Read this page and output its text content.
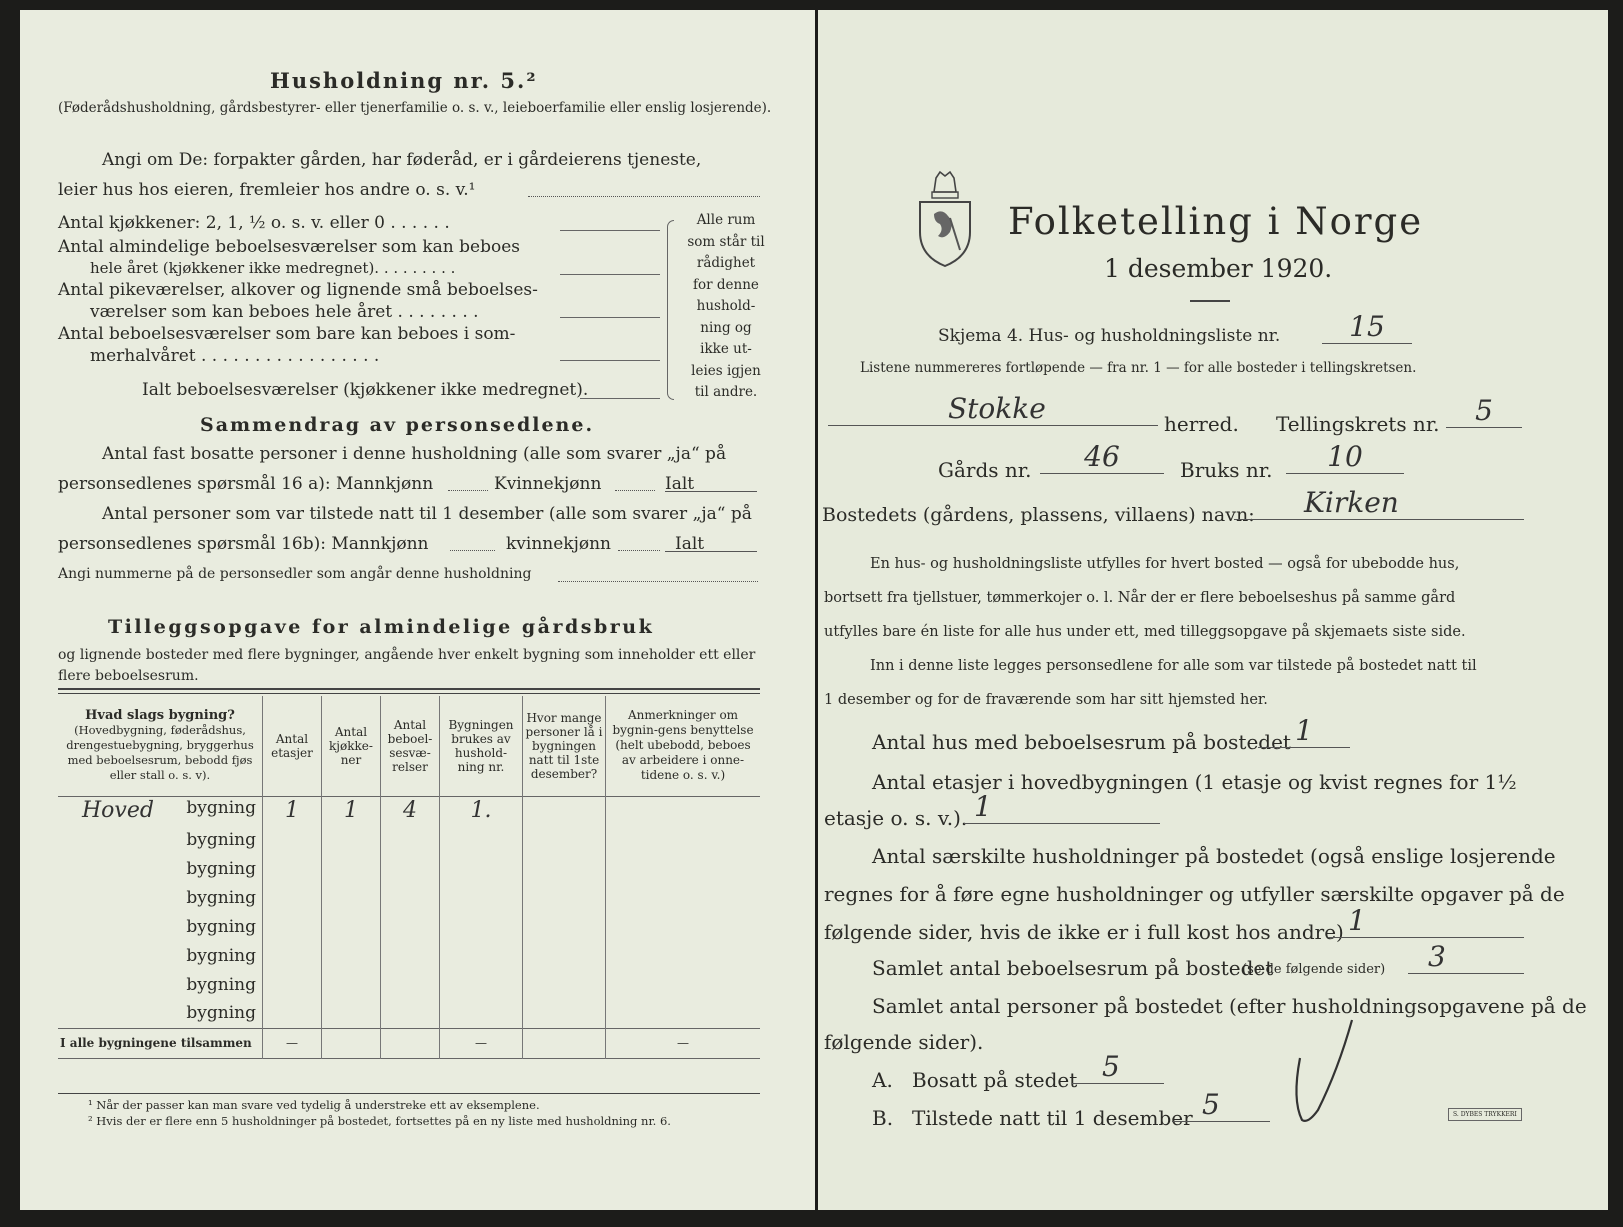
Husholdning nr. 5.²
(Føderådshusholdning, gårdsbestyrer- eller tjenerfamilie o. s. v., leieboerfamilie eller enslig losjerende).
Angi om De: forpakter gården, har føderåd, er i gårdeierens tjeneste,
leier hus hos eieren, fremleier hos andre o. s. v.¹
Antal kjøkkener: 2, 1, ½ o. s. v. eller 0 . . . . . .
Antal almindelige beboelsesværelser som kan beboes
hele året (kjøkkener ikke medregnet). . . . . . . . .
Antal pikeværelser, alkover og lignende små beboelses-
værelser som kan beboes hele året . . . . . . . .
Antal beboelsesværelser som bare kan beboes i som-
merhalvåret . . . . . . . . . . . . . . . . .
Ialt beboelsesværelser (kjøkkener ikke medregnet).
Alle rum
som står til
rådighet
for denne
hushold-
ning og
ikke ut-
leies igjen
til andre.
Sammendrag av personsedlene.
Antal fast bosatte personer i denne husholdning (alle som svarer „ja“ på
personsedlenes spørsmål 16 a): Mannkjønn	Kvinnekjønn	Ialt
Antal personer som var tilstede natt til 1 desember (alle som svarer „ja“ på
personsedlenes spørsmål 16b): Mannkjønn	kvinnekjønn	Ialt
Angi nummerne på de personsedler som angår denne husholdning
Tilleggsopgave for almindelige gårdsbruk
og lignende bosteder med flere bygninger, angående hver enkelt bygning som inneholder ett eller flere beboelsesrum.
Hvad slags bygning?
(Hovedbygning, føderådshus, drengestuebygning, bryggerhus med beboelsesrum, bebodd fjøs eller stall o. s. v).	Antal etasjer	Antal kjøkke-ner	Antal beboel-sesvæ-relser	Bygningen brukes av hushold-ning nr.	Hvor mange personer lå i bygningen natt til 1ste desember?	Anmerkninger om bygnin-gens benyttelse (helt ubebodd, beboes av arbeidere i onne-tidene o. s. v.)

Hoved bygning	1	1	4	1.		

bygning						

bygning						

bygning						

bygning						

bygning						

bygning						

bygning						
I alle bygningene tilsammen	—			—		—
¹ Når der passer kan man svare ved tydelig å understreke ett av eksemplene.
² Hvis der er flere enn 5 husholdninger på bostedet, fortsettes på en ny liste med husholdning nr. 6.
Folketelling i Norge
1 desember 1920.
Skjema 4. Hus- og husholdningsliste nr.	15
Listene nummereres fortløpende — fra nr. 1 — for alle bosteder i tellingskretsen.
Stokke	herred. Tellingskrets nr.	5
Gårds nr.	46	Bruks nr.	10
Bostedets (gårdens, plassens, villaens) navn:	Kirken
En hus- og husholdningsliste utfylles for hvert bosted — også for ubebodde hus,
bortsett fra tjellstuer, tømmerkojer o. l. Når der er flere beboelseshus på samme gård
utfylles bare én liste for alle hus under ett, med tilleggsopgave på skjemaets siste side.
Inn i denne liste legges personsedlene for alle som var tilstede på bostedet natt til
1 desember og for de fraværende som har sitt hjemsted her.
Antal hus med beboelsesrum på bostedet 1
Antal etasjer i hovedbygningen (1 etasje og kvist regnes for 1½
etasje o. s. v.). 1
Antal særskilte husholdninger på bostedet (også enslige losjerende
regnes for å føre egne husholdninger og utfyller særskilte opgaver på de
følgende sider, hvis de ikke er i full kost hos andre) 1
Samlet antal beboelsesrum på bostedet
(se de følgende sider)	3
Samlet antal personer på bostedet (efter husholdningsopgavene på de
følgende sider).
A. Bosatt på stedet 5
B. Tilstede natt til 1 desember 5	S. DYBES TRYKKERI
